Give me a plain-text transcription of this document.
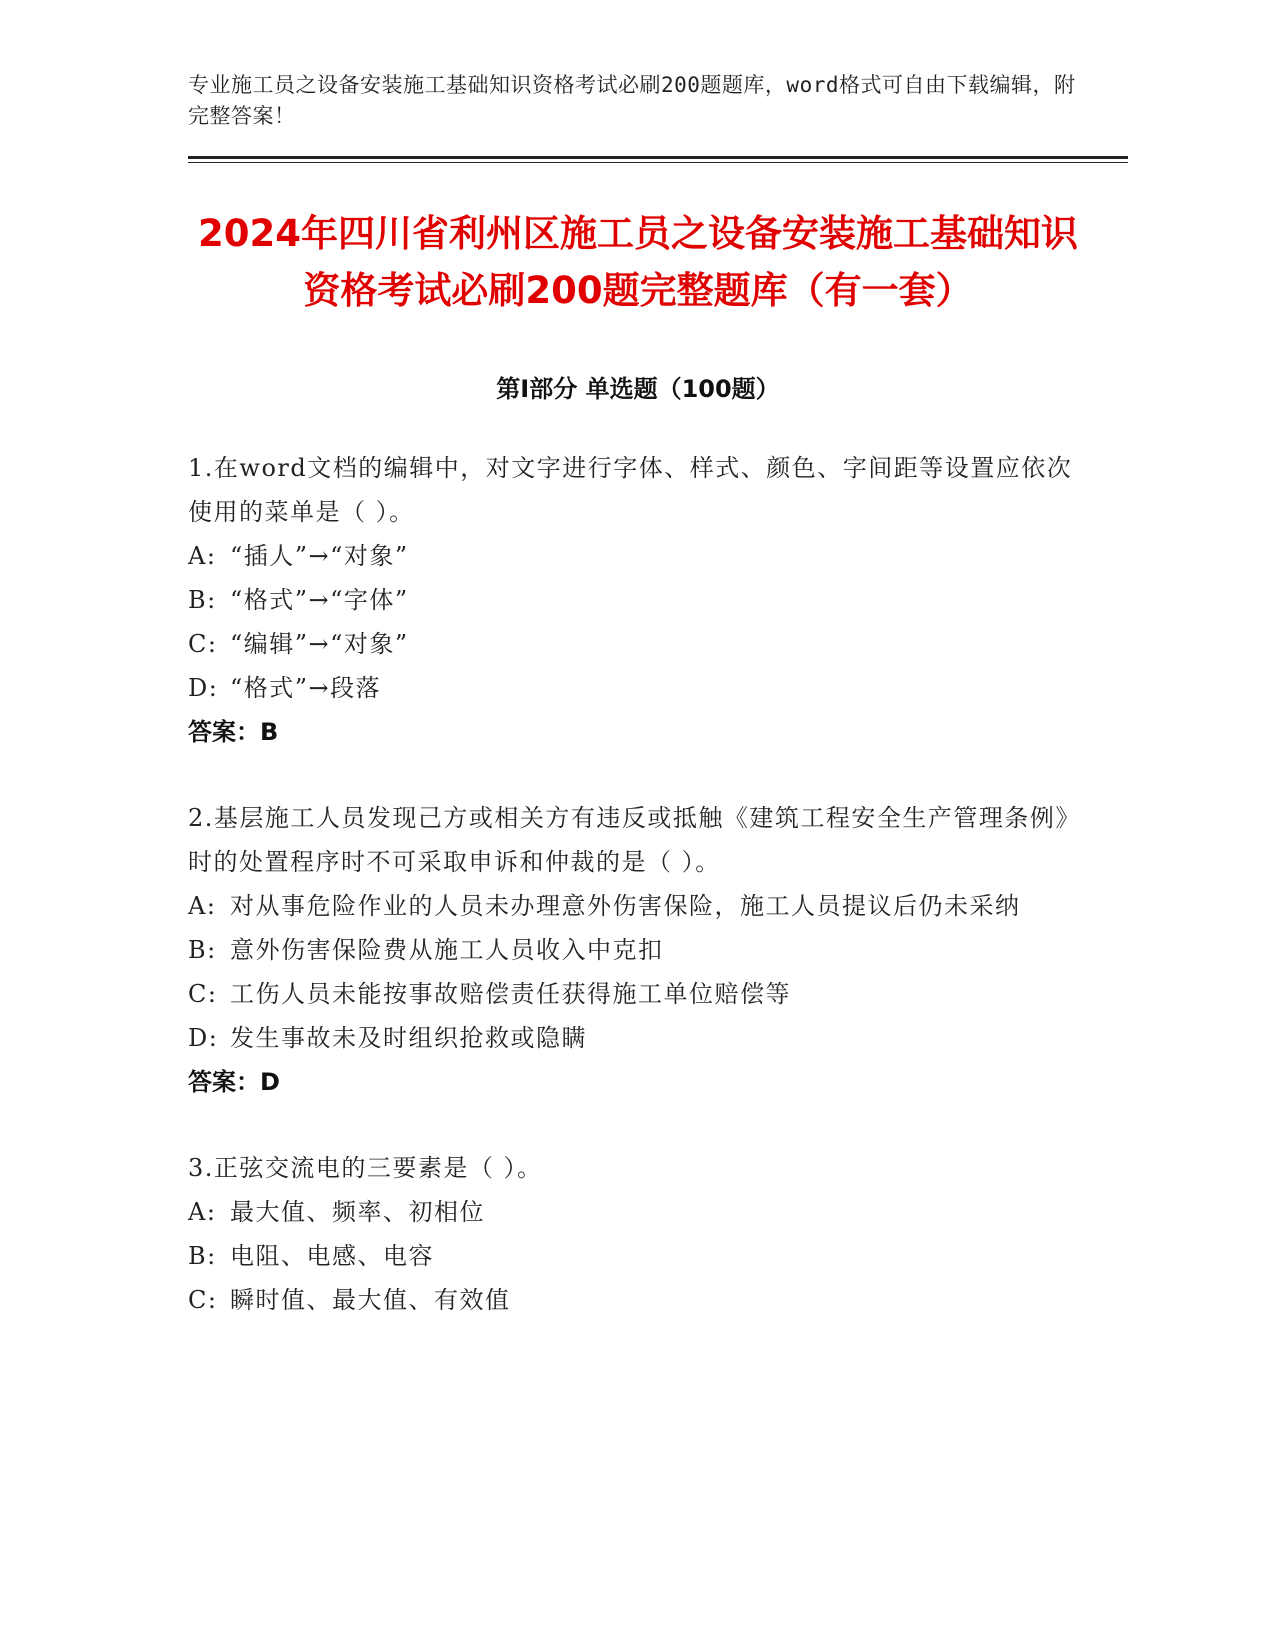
专业施工员之设备安装施工基础知识资格考试必刷200题题库，word格式可自由下载编辑，附完整答案！

2024年四川省利州区施工员之设备安装施工基础知识资格考试必刷200题完整题库（有一套）
第I部分 单选题（100题）

1.在word文档的编辑中，对文字进行字体、样式、颜色、字间距等设置应依次使用的菜单是（ ）。

A: “插人”→“对象”
B: “格式”→“字体”
C: “编辑”→“对象”
D: “格式”→段落

答案：B

2.基层施工人员发现己方或相关方有违反或抵触《建筑工程安全生产管理条例》时的处置程序时不可采取申诉和仲裁的是（ ）。

A: 对从事危险作业的人员未办理意外伤害保险，施工人员提议后仍未采纳
B: 意外伤害保险费从施工人员收入中克扣
C: 工伤人员未能按事故赔偿责任获得施工单位赔偿等
D: 发生事故未及时组织抢救或隐瞒

答案：D

3.正弦交流电的三要素是（ ）。

A: 最大值、频率、初相位
B: 电阻、电感、电容
C: 瞬时值、最大值、有效值
